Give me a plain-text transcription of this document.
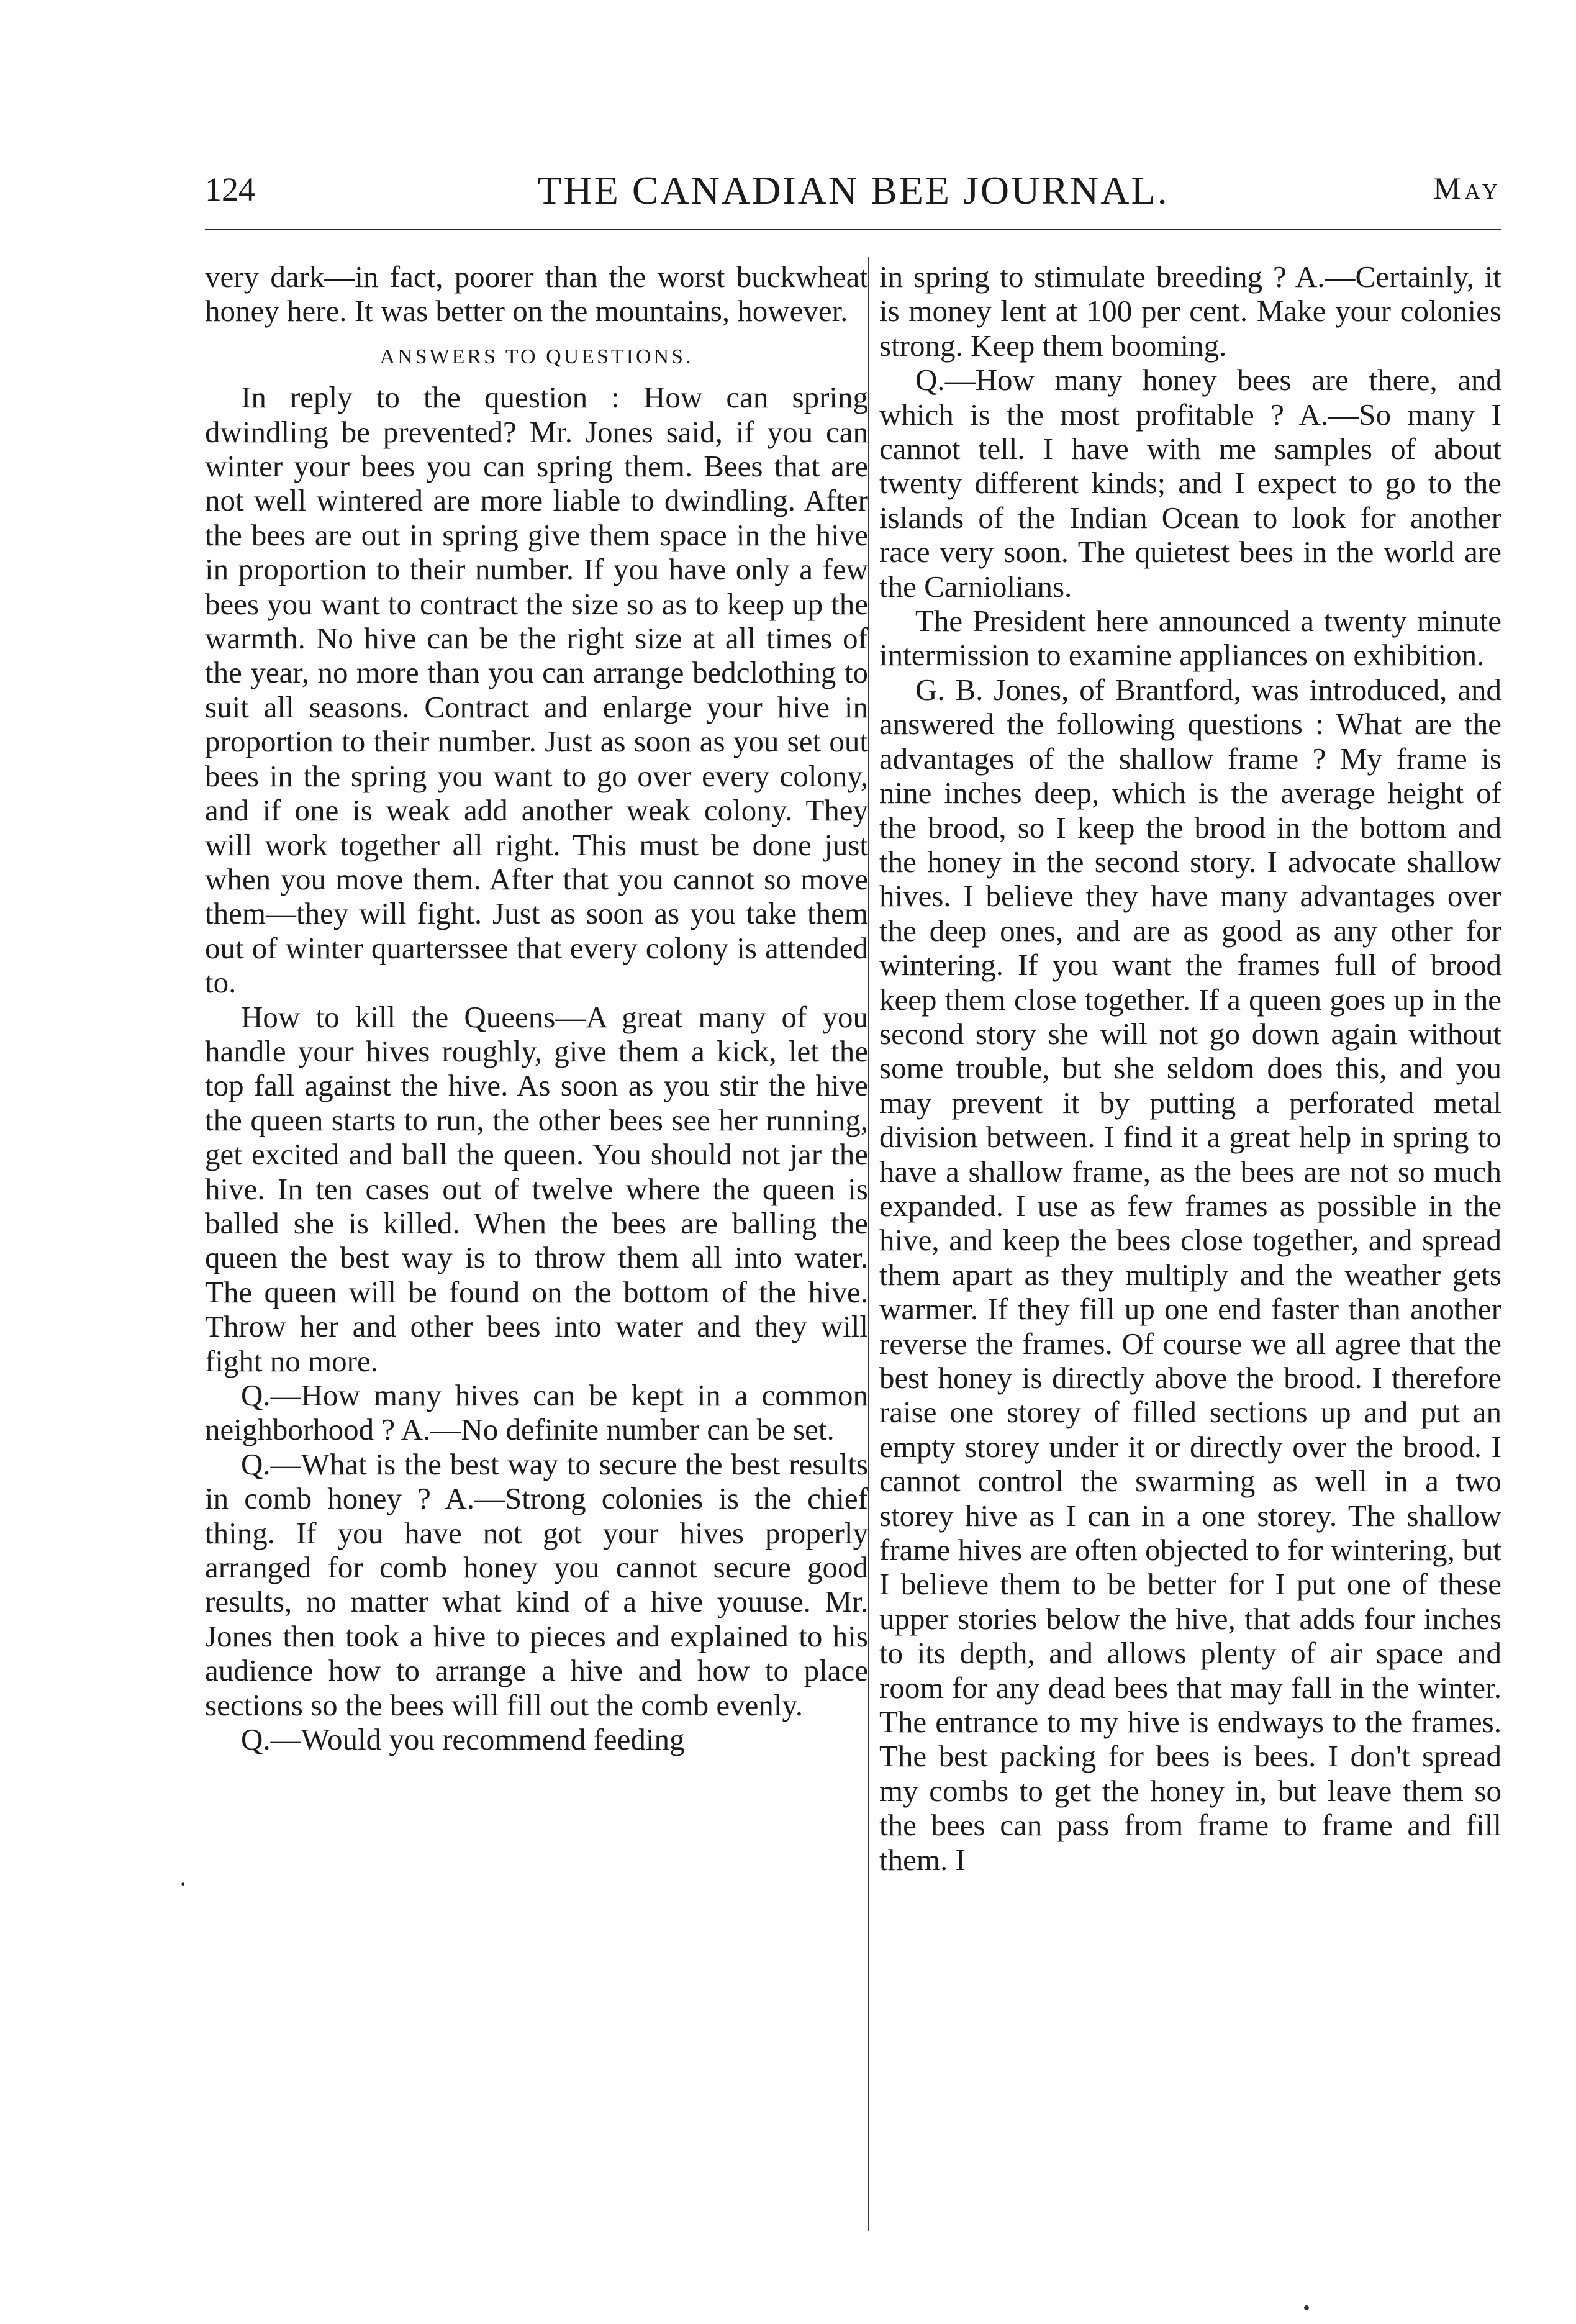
124	THE CANADIAN BEE JOURNAL.	May

very dark—in fact, poorer than the worst buckwheat honey here. It was better on the mountains, however.

ANSWERS TO QUESTIONS.

In reply to the question : How can spring dwindling be prevented? Mr. Jones said, if you can winter your bees you can spring them. Bees that are not well wintered are more liable to dwindling. After the bees are out in spring give them space in the hive in proportion to their number. If you have only a few bees you want to contract the size so as to keep up the warmth. No hive can be the right size at all times of the year, no more than you can arrange bedclothing to suit all seasons. Contract and enlarge your hive in proportion to their number. Just as soon as you set out bees in the spring you want to go over every colony, and if one is weak add another weak colony. They will work together all right. This must be done just when you move them. After that you cannot so move them—they will fight. Just as soon as you take them out of winter quarterssee that every colony is attended to.

How to kill the Queens—A great many of you handle your hives roughly, give them a kick, let the top fall against the hive. As soon as you stir the hive the queen starts to run, the other bees see her running, get excited and ball the queen. You should not jar the hive. In ten cases out of twelve where the queen is balled she is killed. When the bees are balling the queen the best way is to throw them all into water. The queen will be found on the bottom of the hive. Throw her and other bees into water and they will fight no more.

Q.—How many hives can be kept in a common neighborhood ? A.—No definite number can be set.

Q.—What is the best way to secure the best results in comb honey ? A.—Strong colonies is the chief thing. If you have not got your hives properly arranged for comb honey you cannot secure good results, no matter what kind of a hive youuse. Mr. Jones then took a hive to pieces and explained to his audience how to arrange a hive and how to place sections so the bees will fill out the comb evenly.

Q.—Would you recommend feeding

in spring to stimulate breeding ? A.—Certainly, it is money lent at 100 per cent. Make your colonies strong. Keep them booming.

Q.—How many honey bees are there, and which is the most profitable ? A.—So many I cannot tell. I have with me samples of about twenty different kinds; and I expect to go to the islands of the Indian Ocean to look for another race very soon. The quietest bees in the world are the Carniolians.

The President here announced a twenty minute intermission to examine appliances on exhibition.

G. B. Jones, of Brantford, was introduced, and answered the following questions : What are the advantages of the shallow frame ? My frame is nine inches deep, which is the average height of the brood, so I keep the brood in the bottom and the honey in the second story. I advocate shallow hives. I believe they have many advantages over the deep ones, and are as good as any other for wintering. If you want the frames full of brood keep them close together. If a queen goes up in the second story she will not go down again without some trouble, but she seldom does this, and you may prevent it by putting a perforated metal division between. I find it a great help in spring to have a shallow frame, as the bees are not so much expanded. I use as few frames as possible in the hive, and keep the bees close together, and spread them apart as they multiply and the weather gets warmer. If they fill up one end faster than another reverse the frames. Of course we all agree that the best honey is directly above the brood. I therefore raise one storey of filled sections up and put an empty storey under it or directly over the brood. I cannot control the swarming as well in a two storey hive as I can in a one storey. The shallow frame hives are often objected to for wintering, but I believe them to be better for I put one of these upper stories below the hive, that adds four inches to its depth, and allows plenty of air space and room for any dead bees that may fall in the winter. The entrance to my hive is endways to the frames. The best packing for bees is bees. I don't spread my combs to get the honey in, but leave them so the bees can pass from frame to frame and fill them. I

·
